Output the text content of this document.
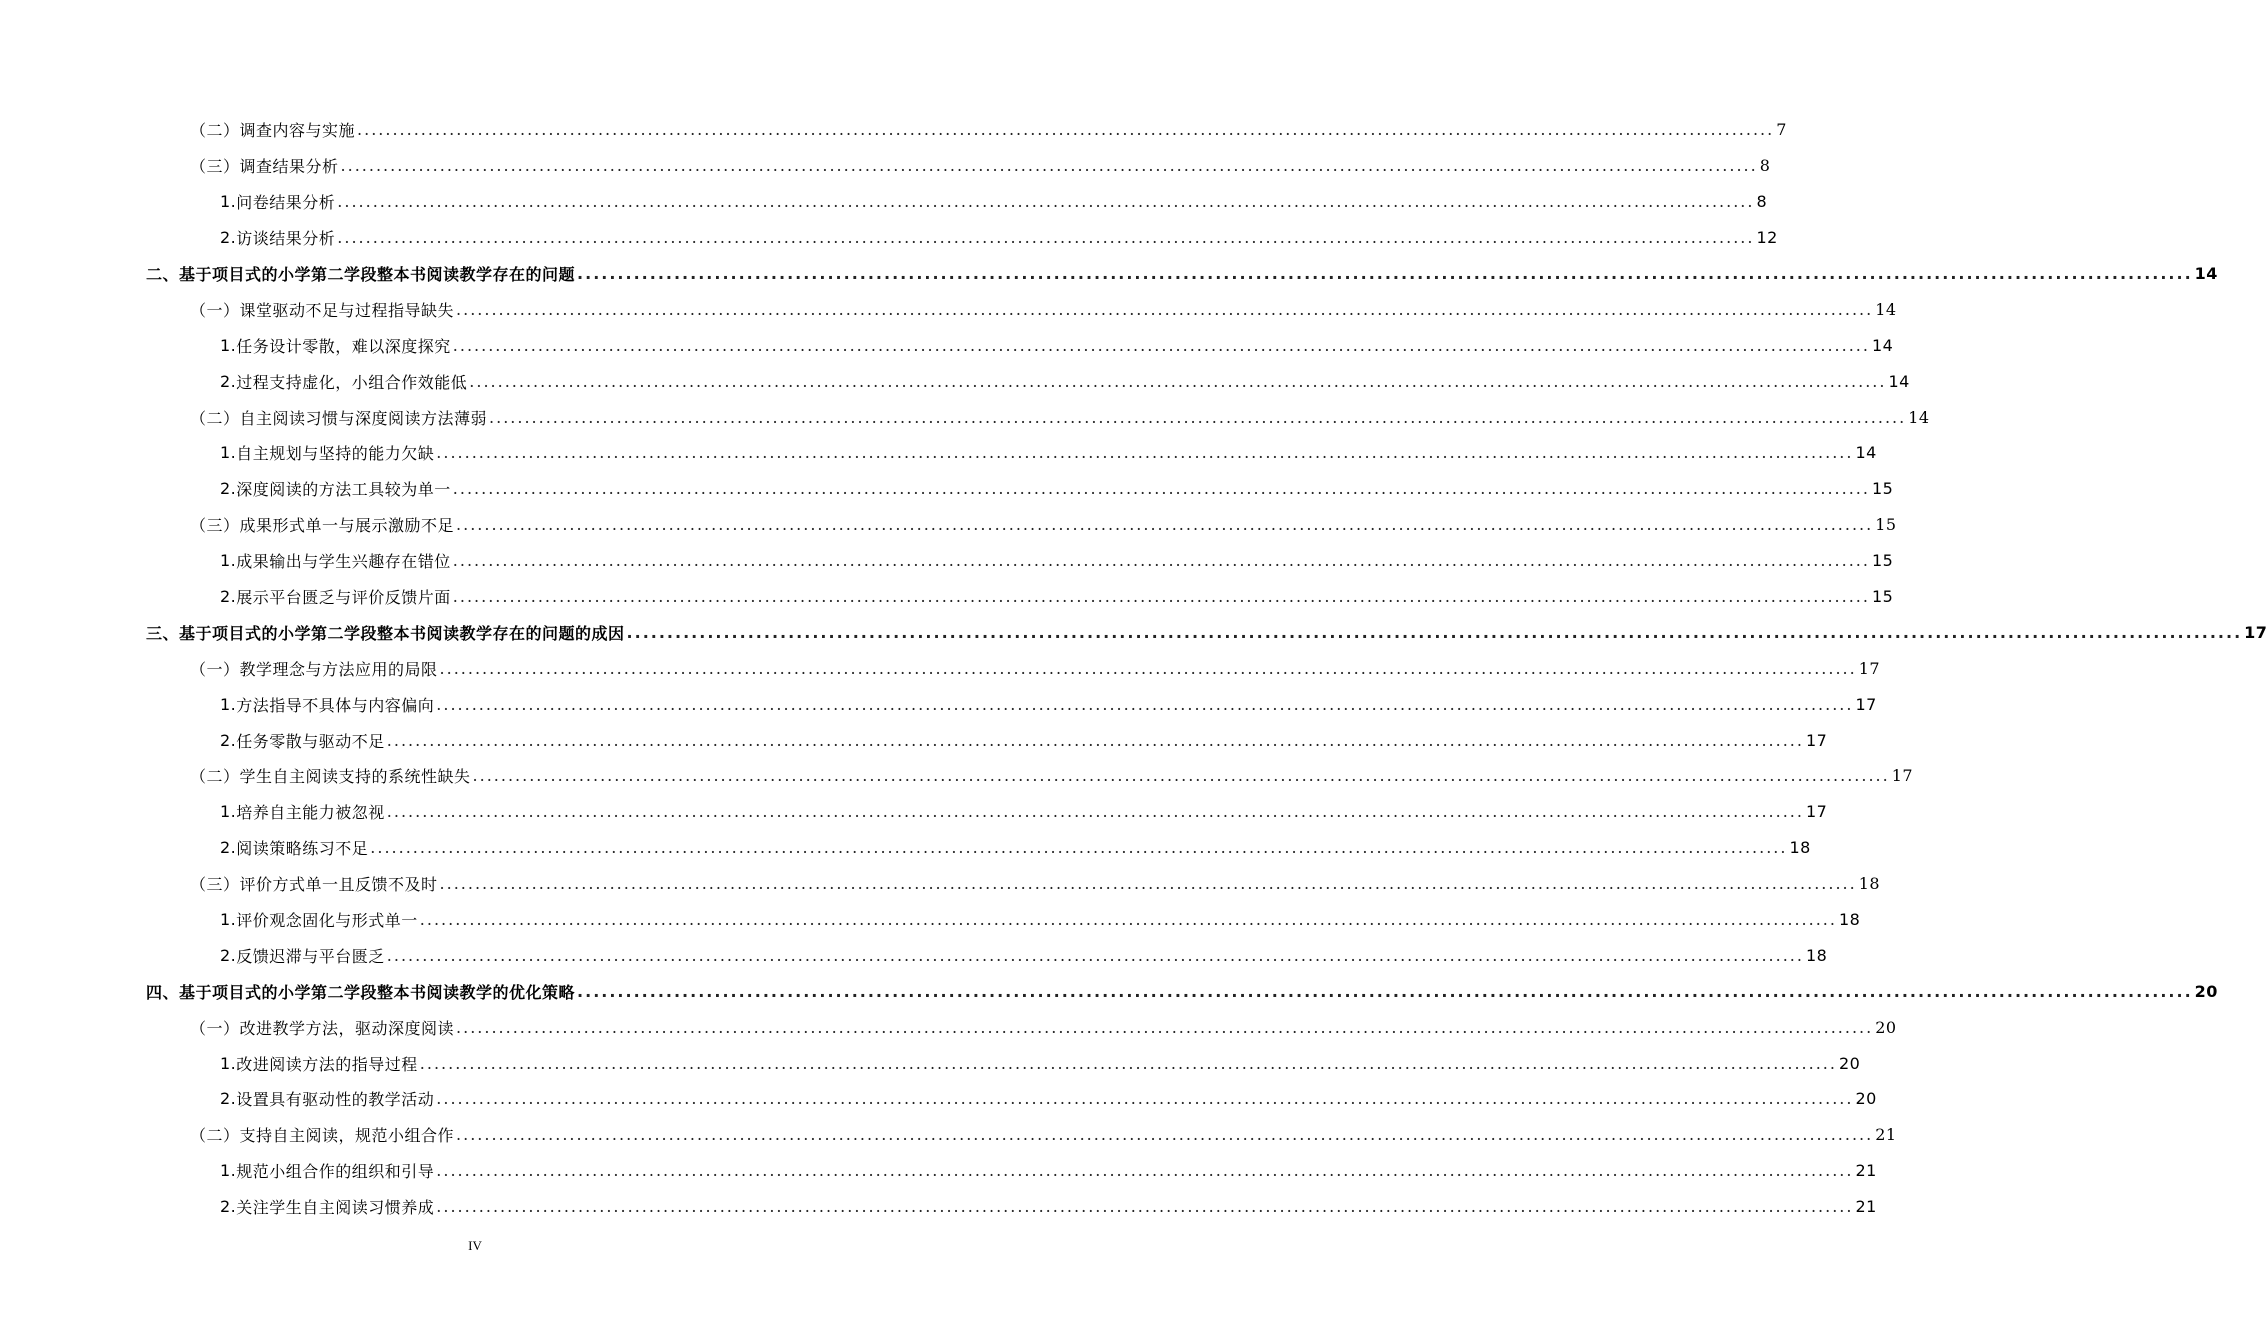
（二） 调查内容与实施 ........................................................................................................................................................................................................ 7
（三） 调查结果分析 ........................................................................................................................................................................................................ 8
1. 问卷结果分析 ........................................................................................................................................................................................................ 8
2. 访谈结果分析 ........................................................................................................................................................................................................ 12
二、 基于项目式的小学第二学段整本书阅读教学存在的问题 ........................................................................................................................................................................................................ 14
（一） 课堂驱动不足与过程指导缺失 ........................................................................................................................................................................................................ 14
1. 任务设计零散，难以深度探究 ........................................................................................................................................................................................................ 14
2. 过程支持虚化，小组合作效能低 ........................................................................................................................................................................................................ 14
（二） 自主阅读习惯与深度阅读方法薄弱 ........................................................................................................................................................................................................ 14
1. 自主规划与坚持的能力欠缺 ........................................................................................................................................................................................................ 14
2. 深度阅读的方法工具较为单一 ........................................................................................................................................................................................................ 15
（三） 成果形式单一与展示激励不足 ........................................................................................................................................................................................................ 15
1. 成果输出与学生兴趣存在错位 ........................................................................................................................................................................................................ 15
2. 展示平台匮乏与评价反馈片面 ........................................................................................................................................................................................................ 15
三、 基于项目式的小学第二学段整本书阅读教学存在的问题的成因 ........................................................................................................................................................................................................ 17
（一） 教学理念与方法应用的局限 ........................................................................................................................................................................................................ 17
1. 方法指导不具体与内容偏向 ........................................................................................................................................................................................................ 17
2. 任务零散与驱动不足 ........................................................................................................................................................................................................ 17
（二） 学生自主阅读支持的系统性缺失 ........................................................................................................................................................................................................ 17
1. 培养自主能力被忽视 ........................................................................................................................................................................................................ 17
2. 阅读策略练习不足 ........................................................................................................................................................................................................ 18
（三） 评价方式单一且反馈不及时 ........................................................................................................................................................................................................ 18
1. 评价观念固化与形式单一 ........................................................................................................................................................................................................ 18
2. 反馈迟滞与平台匮乏 ........................................................................................................................................................................................................ 18
四、 基于项目式的小学第二学段整本书阅读教学的优化策略 ........................................................................................................................................................................................................ 20
（一） 改进教学方法，驱动深度阅读 ........................................................................................................................................................................................................ 20
1. 改进阅读方法的指导过程 ........................................................................................................................................................................................................ 20
2. 设置具有驱动性的教学活动 ........................................................................................................................................................................................................ 20
（二） 支持自主阅读，规范小组合作 ........................................................................................................................................................................................................ 21
1. 规范小组合作的组织和引导 ........................................................................................................................................................................................................ 21
2. 关注学生自主阅读习惯养成 ........................................................................................................................................................................................................ 21
IV
